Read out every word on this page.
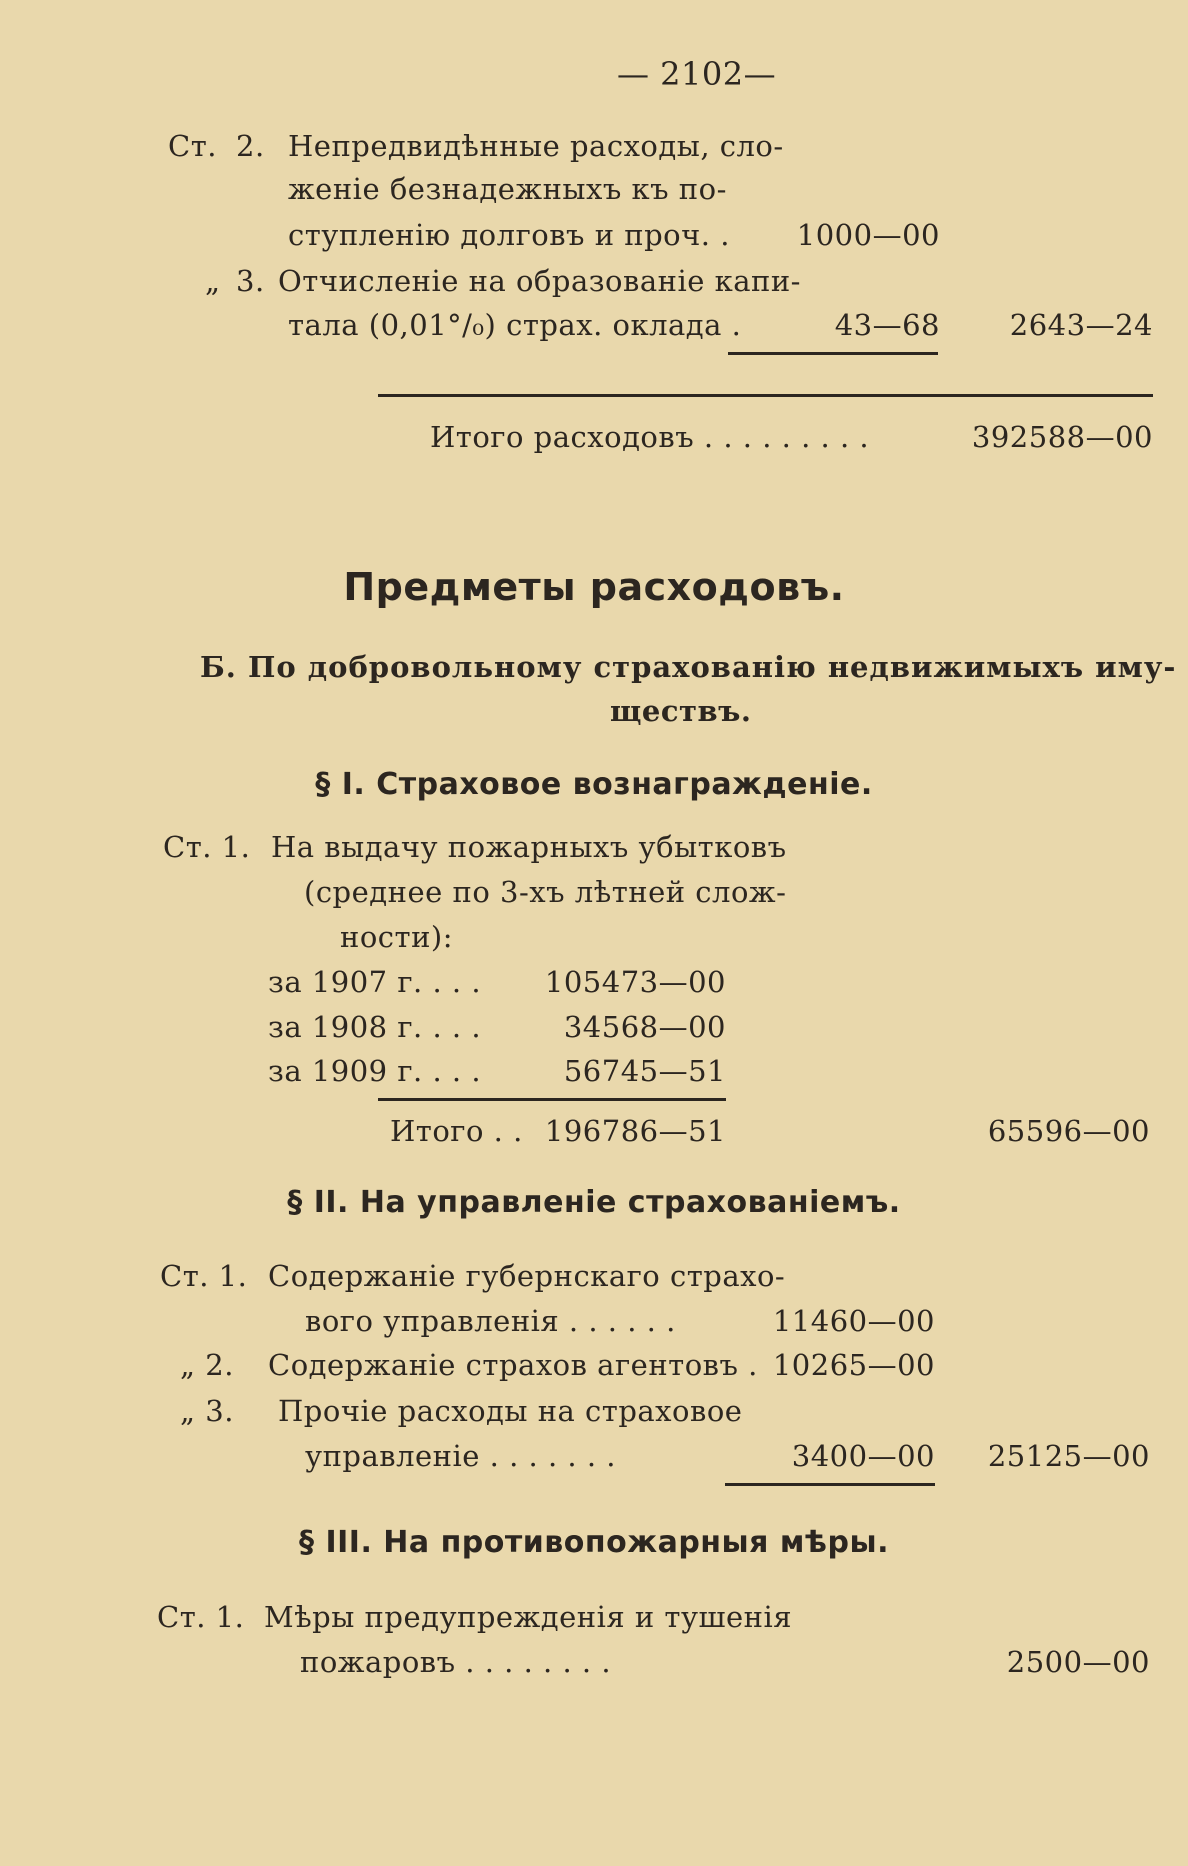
— 2102—
Ст. 2. Непредвидѣнные расходы, сло-
женіе безнадежныхъ къ по-
ступленію долговъ и проч. .	1000—00
„ 3. Отчисленіе на образованіе капи-
тала (0,01°/₀) страх. оклада .	43—68	2643—24
Итого расходовъ . . . . . . . . .	392588—00
Предметы расходовъ.
Б. По добровольному страхованію недвижимыхъ иму-
ществъ.
§ I. Страховое вознагражденіе.
Ст. 1. На выдачу пожарныхъ убытковъ
(среднее по 3-хъ лѣтней слож-
ности):
за 1907 г. . . .	105473—00
за 1908 г. . . .	34568—00
за 1909 г. . . .	56745—51
Итого . . 196786—51	65596—00
§ II. На управленіе страхованіемъ.
Ст. 1. Содержаніе губернскаго страхо-
вого управленія . . . . . .	11460—00
„ 2. Содержаніе страхов агентовъ . 10265—00
„ 3. Прочіе расходы на страховое
управленіе . . . . . . .	3400—00	25125—00
§ III. На противопожарныя мѣры.
Ст. 1. Мѣры предупрежденія и тушенія
пожаровъ . . . . . . . .	2500—00
